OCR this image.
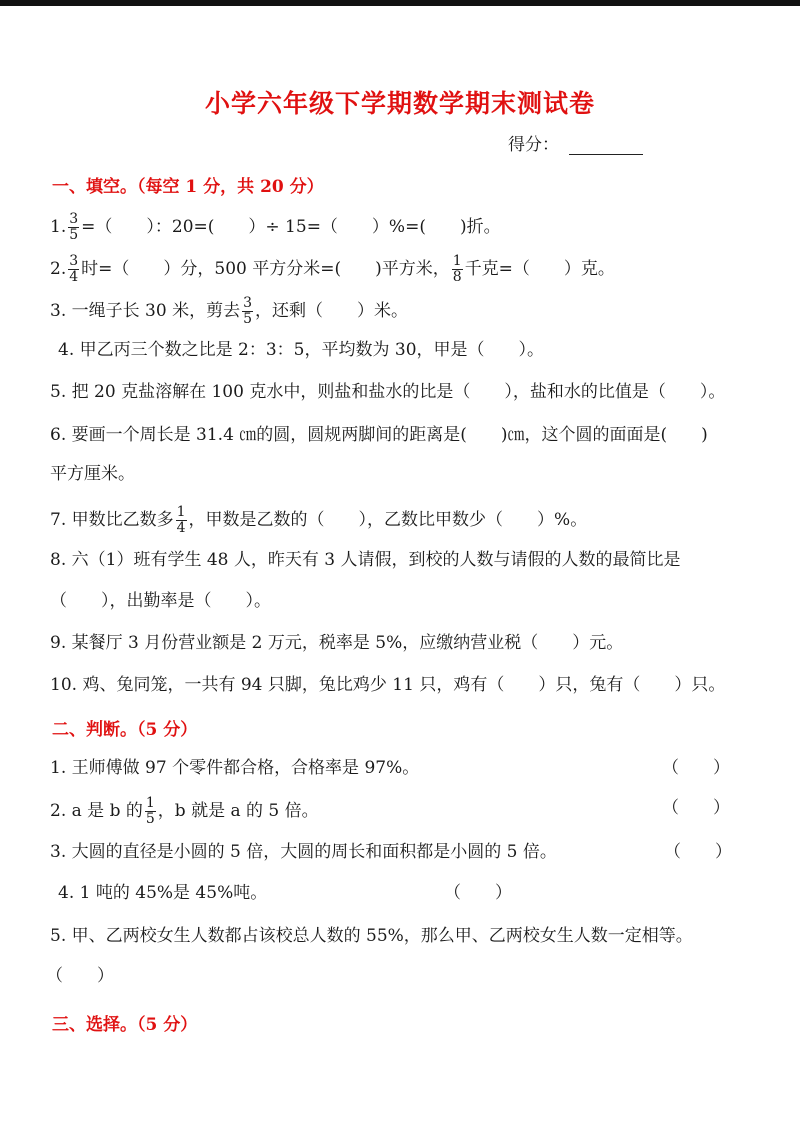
小学六年级下学期数学期末测试卷
得分：
一、填空。（每空 1 分，共 20 分）
1. $\frac{3}{5}$ =（　　）：20=(　　）÷ 15=（　　）%=(　　)折。
2. $\frac{3}{4}$ 时=（　　）分，500 平方分米=(　　)平方米， $\frac{1}{8}$ 千克=（　　）克。
3. 一绳子长 30 米，剪去 $\frac{3}{5}$ ，还剩（　　）米。
4. 甲乙丙三个数之比是 2：3：5，平均数为 30，甲是（　　）。
5. 把 20 克盐溶解在 100 克水中，则盐和盐水的比是（　　），盐和水的比值是（　　）。
6. 要画一个周长是 31.4 ㎝的圆，圆规两脚间的距离是(　　)㎝，这个圆的面面是(　　)
平方厘米。
7. 甲数比乙数多 $\frac{1}{4}$ ，甲数是乙数的（　　），乙数比甲数少（　　）%。
8. 六（1）班有学生 48 人，昨天有 3 人请假，到校的人数与请假的人数的最简比是
（　　），出勤率是（　　）。
9. 某餐厅 3 月份营业额是 2 万元，税率是 5%，应缴纳营业税（　　）元。
10. 鸡、兔同笼，一共有 94 只脚，兔比鸡少 11 只，鸡有（　　）只，兔有（　　）只。
二、判断。（5 分）
1. 王师傅做 97 个零件都合格，合格率是 97%。	（　　）
2. a 是 b 的 $\frac{1}{5}$ ，b 就是 a 的 5 倍。	（　　）
3. 大圆的直径是小圆的 5 倍，大圆的周长和面积都是小圆的 5 倍。	（　　）
4. 1 吨的 45%是 45%吨。	（　　）
5. 甲、乙两校女生人数都占该校总人数的 55%，那么甲、乙两校女生人数一定相等。
（　　）
三、选择。（5 分）
